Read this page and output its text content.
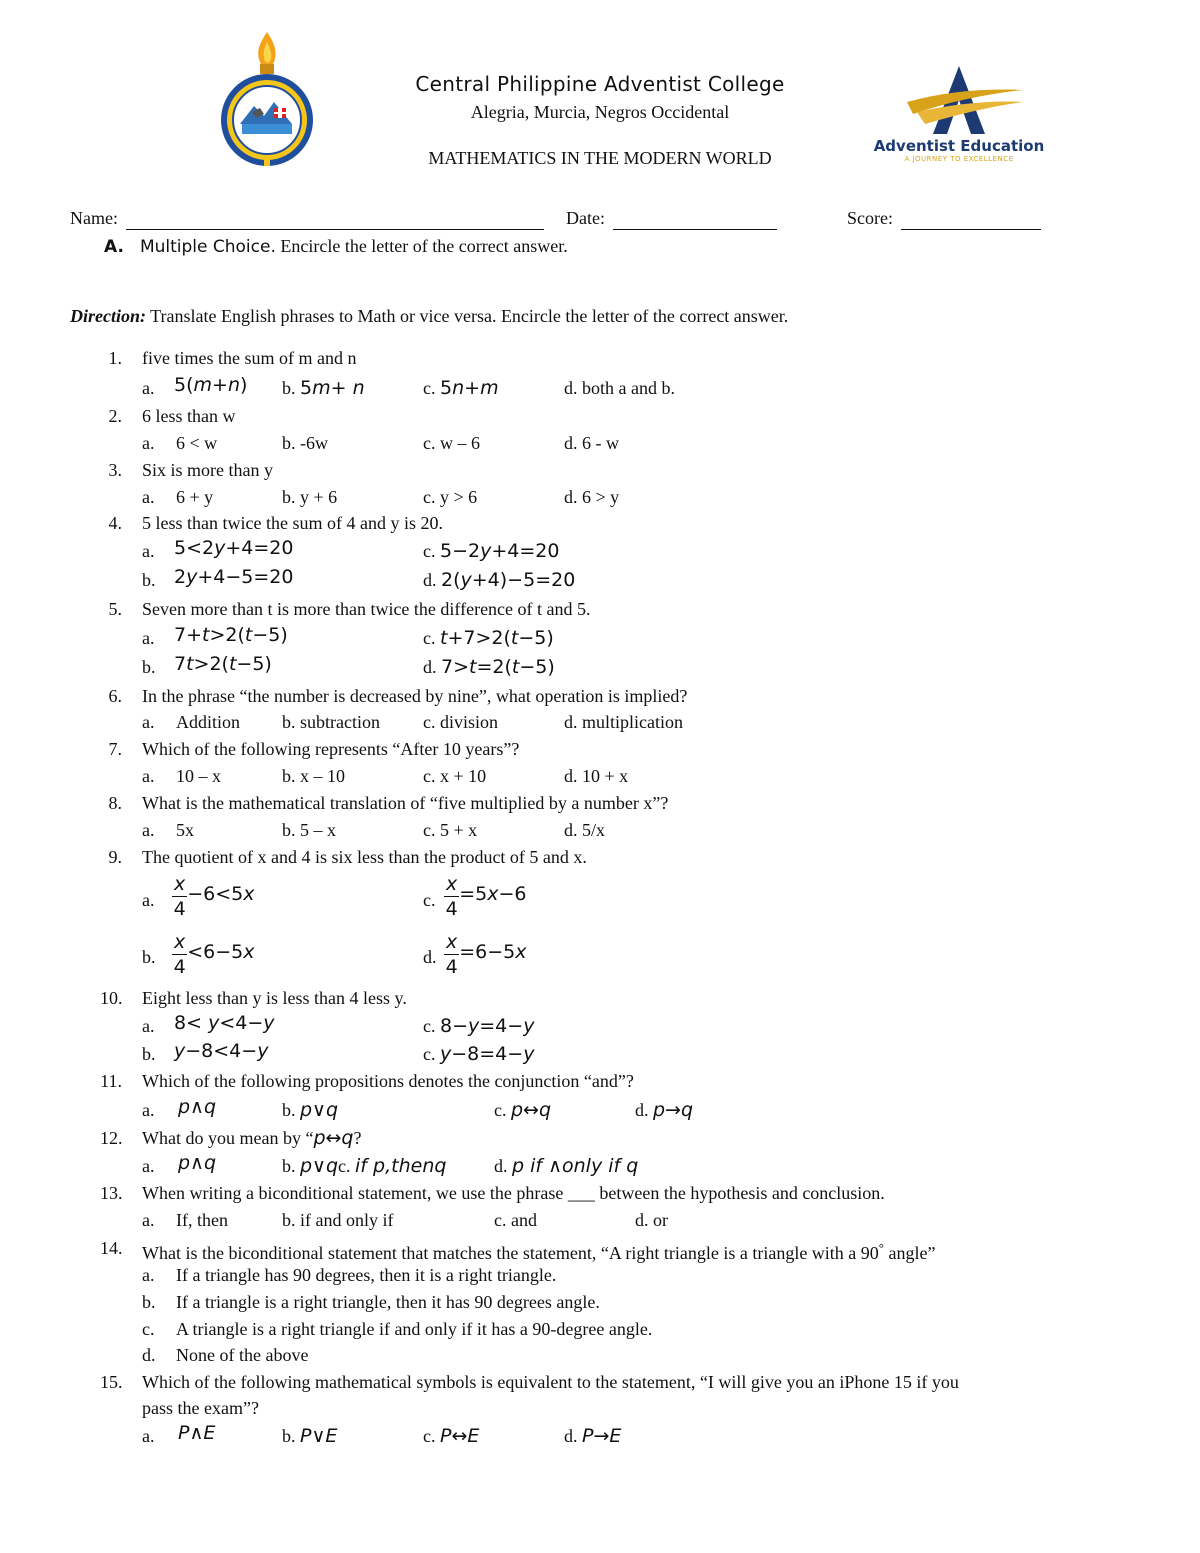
Central Philippine Adventist College
Alegria, Murcia, Negros Occidental
MATHEMATICS IN THE MODERN WORLD
Adventist Education
A JOURNEY TO EXCELLENCE
Name:	Date:	Score:
A. Multiple Choice. Encircle the letter of the correct answer.
Direction: Translate English phrases to Math or vice versa. Encircle the letter of the correct answer.
1. five times the sum of m and n
a. 5(m+n) b. 5m+ n	c. 5n+m	d. both a and b.
2. 6 less than w
a. 6 < w	b. -6w	c. w – 6	d. 6 - w
3. Six is more than y
a. 6 + y	b. y + 6	c. y > 6	d. 6 > y
4. 5 less than twice the sum of 4 and y is 20.
a. 5<2y+4=20	c. 5−2y+4=20
b. 2y+4−5=20	d. 2(y+4)−5=20
5. Seven more than t is more than twice the difference of t and 5.
a. 7+t>2(t−5)	c. t+7>2(t−5)
b. 7t>2(t−5)	d. 7>t=2(t−5)
6. In the phrase “the number is decreased by nine”, what operation is implied?
a. Addition b. subtraction c. division	d. multiplication
7. Which of the following represents “After 10 years”?
a. 10 – x	b. x – 10	c. x + 10	d. 10 + x
8. What is the mathematical translation of “five multiplied by a number x”?
a. 5x	b. 5 – x	c. 5 + x	d. 5/x
9. The quotient of x and 4 is six less than the product of 5 and x.
a. $\frac{x}{4} -6<5x$	c. $\frac{x}{4} =5x-6$
b. $\frac{x}{4} <6-5x$	d. $\frac{x}{4} =6-5x$
10. Eight less than y is less than 4 less y.
a. 8< y<4−y	c. 8−y=4−y
b. y−8<4−y	c. y−8=4−y
11. Which of the following propositions denotes the conjunction “and”?
a. p∧q	b. p∨q	c. p↔q	d. p→q
12. What do you mean by “p↔q?
a. p∧q	b. p∨qc. if p,thenq	d. p if ∧only if q
13. When writing a biconditional statement, we use the phrase ___ between the hypothesis and conclusion.
a. If, then	b. if and only if	c. and	d. or
14. What is the biconditional statement that matches the statement, “A right triangle is a triangle with a 90° angle”
a. If a triangle has 90 degrees, then it is a right triangle.
b. If a triangle is a right triangle, then it has 90 degrees angle.
c. A triangle is a right triangle if and only if it has a 90-degree angle.
d. None of the above
15. Which of the following mathematical symbols is equivalent to the statement, “I will give you an iPhone 15 if you
pass the exam”?
a. P∧E	b. P∨E	c. P↔E	d. P→E
